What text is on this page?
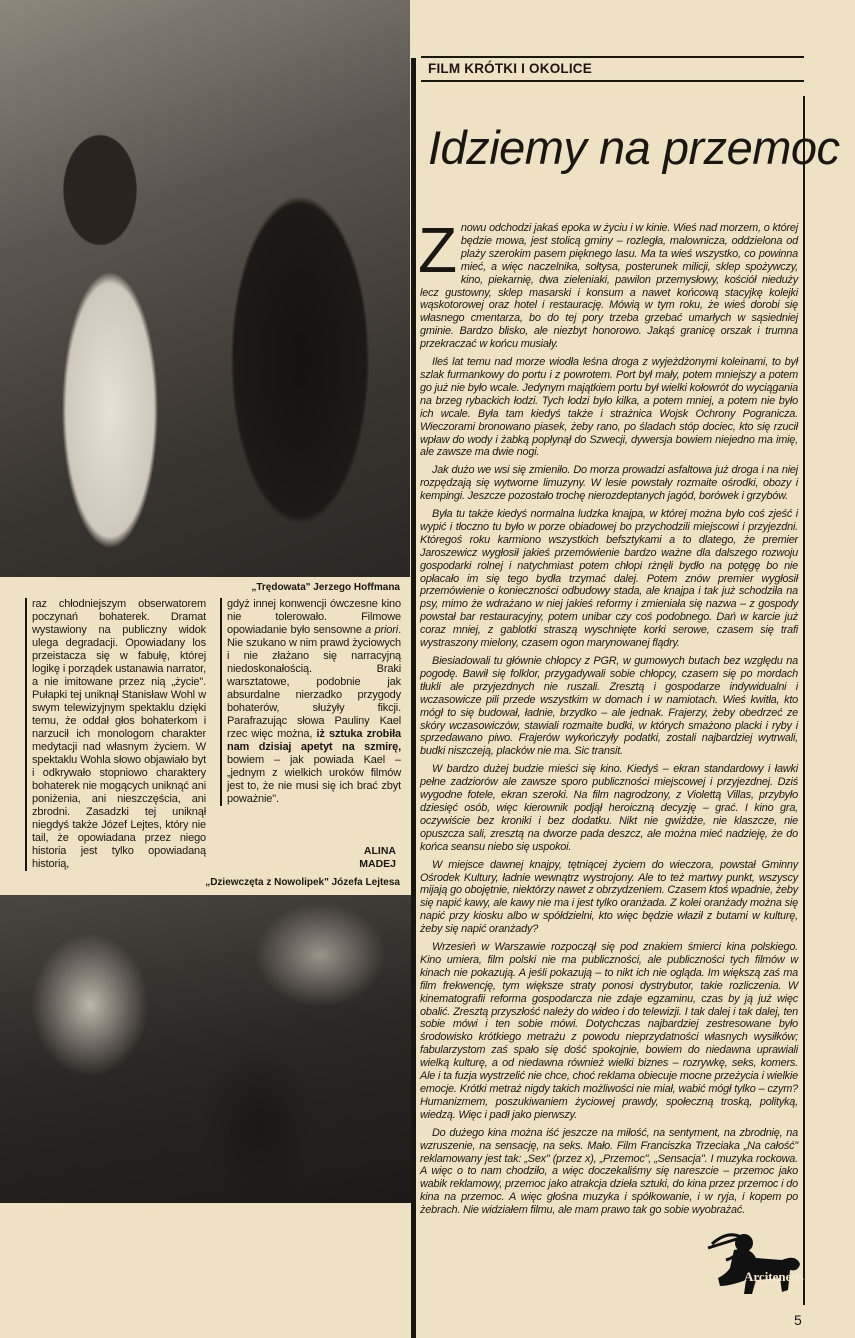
„Trędowata" Jerzego Hoffmana
raz chłodniejszym obserwatorem poczynań bohaterek. Dramat wystawiony na publiczny widok ulega degradacji. Opowiadany los przeistacza się w fabułę, której logikę i porządek ustanawia narrator, a nie imitowane przez nią „życie". Pułapki tej uniknął Stanisław Wohl w swym telewizyjnym spektaklu dzięki temu, że oddał głos bohaterkom i narzucił ich monologom charakter medytacji nad własnym życiem. W spektaklu Wohla słowo objawiało byt i odkrywało stopniowo charaktery bohaterek nie mogących uniknąć ani poniżenia, ani nieszczęścia, ani zbrodni. Zasadzki tej uniknął niegdyś także Józef Lejtes, który nie tail, że opowiadana przez niego historia jest tylko opowiadaną historią,
gdyż innej konwencji ówczesne kino nie tolerowało. Filmowe opowiadanie było sensowne a priori. Nie szukano w nim prawd życiowych i nie złażano się narracyjną niedoskonałością. Braki warsztatowe, podobnie jak absurdalne nierzadko przygody bohaterów, służyły fikcji. Parafrazując słowa Pauliny Kael rzec więc można, iż sztuka zrobiła nam dzisiaj apetyt na szmirę, bowiem – jak powiada Kael – „jednym z wielkich uroków filmów jest to, że nie musi się ich brać zbyt poważnie".
ALINA
MADEJ
„Dziewczęta z Nowolipek" Józefa Lejtesa
FILM KRÓTKI I OKOLICE
Idziemy na przemoc

Znowu odchodzi jakaś epoka w życiu i w kinie. Wieś nad morzem, o której będzie mowa, jest stolicą gminy – rozległa, malownicza, oddzielona od plaży szerokim pasem pięknego lasu. Ma ta wieś wszystko, co powinna mieć, a więc naczelnika, sołtysa, posterunek milicji, sklep spożywczy, kino, piekarnię, dwa zieleniaki, pawilon przemysłowy, kościół nieduży lecz gustowny, sklep masarski i konsum a nawet końcową stacyjkę kolejki wąskotorowej oraz hotel i restaurację. Mówią w tym roku, że wieś dorobi się własnego cmentarza, bo do tej pory trzeba grzebać umarłych w sąsiedniej gminie. Bardzo blisko, ale niezbyt honorowo. Jakąś granicę orszak i trumna przekraczać w końcu musiały.

Ileś lat temu nad morze wiodła leśna droga z wyjeżdżonymi koleinami, to był szlak furmankowy do portu i z powrotem. Port był mały, potem mniejszy a potem go już nie było wcale. Jedynym majątkiem portu był wielki kołowrót do wyciągania na brzeg rybackich łodzi. Tych łodzi było kilka, a potem mniej, a potem nie było ich wcale. Była tam kiedyś także i strażnica Wojsk Ochrony Pogranicza. Wieczorami bronowano piasek, żeby rano, po śladach stóp dociec, kto się rzucił wpław do wody i żabką popłynął do Szwecji, dywersja bowiem niejedno ma imię, ale zawsze ma dwie nogi.

Jak dużo we wsi się zmieniło. Do morza prowadzi asfaltowa już droga i na niej rozpędzają się wytworne limuzyny. W lesie powstały rozmaite ośrodki, obozy i kempingi. Jeszcze pozostało trochę nierozdeptanych jagód, borówek i grzybów.

Była tu także kiedyś normalna ludzka knajpa, w której można było coś zjeść i wypić i tłoczno tu było w porze obiadowej bo przychodzili miejscowi i przyjezdni. Któregoś roku karmiono wszystkich befsztykami a to dlatego, że premier Jaroszewicz wygłosił jakieś przemówienie bardzo ważne dla dalszego rozwoju gospodarki rolnej i natychmiast potem chłopi rżnęli bydło na potęgę bo nie opłacało im się tego bydła trzymać dalej. Potem znów premier wygłosił przemówienie o konieczności odbudowy stada, ale knajpa i tak już schodziła na psy, mimo że wdrażano w niej jakieś reformy i zmieniała się nazwa – z gospody powstał bar restauracyjny, potem unibar czy coś podobnego. Dań w karcie już coraz mniej, z gablotki straszą wyschnięte korki serowe, czasem się trafi wystraszony mielony, czasem ogon marynowanej flądry.

Biesiadowali tu głównie chłopcy z PGR, w gumowych butach bez względu na pogodę. Bawił się folklor, przygadywali sobie chłopcy, czasem się po mordach tłukli ale przyjezdnych nie ruszali. Zresztą i gospodarze indywidualni i wczasowicze pili przede wszystkim w domach i w namiotach. Wieś kwitła, kto mógł to się budował, ładnie, brzydko – ale jednak. Frajerzy, żeby obedrzeć ze skóry wczasowiczów, stawiali rozmaite budki, w których smażono placki i ryby i sprzedawano piwo. Frajerów wykończyły podatki, zostali najbardziej wytrwali, budki niszczeją, placków nie ma. Sic transit.

W bardzo dużej budzie mieści się kino. Kiedyś – ekran standardowy i ławki pełne zadziorów ale zawsze sporo publiczności miejscowej i przyjezdnej. Dziś wygodne fotele, ekran szeroki. Na film nagrodzony, z Violettą Villas, przybyło dziesięć osób, więc kierownik podjął heroiczną decyzję – grać. I kino gra, oczywiście bez kroniki i bez dodatku. Nikt nie gwiżdże, nie klaszcze, nie opuszcza sali, zresztą na dworze pada deszcz, ale można mieć nadzieję, że do końca seansu niebo się uspokoi.

W miejsce dawnej knajpy, tętniącej życiem do wieczora, powstał Gminny Ośrodek Kultury, ładnie wewnątrz wystrojony. Ale to też martwy punkt, wszyscy mijają go obojętnie, niektórzy nawet z obrzydzeniem. Czasem ktoś wpadnie, żeby się napić kawy, ale kawy nie ma i jest tylko oranżada. Z kolei oranżady można się napić przy kiosku albo w spółdzielni, kto więc będzie właził z butami w kulturę, żeby się napić oranżady?

Wrzesień w Warszawie rozpoczął się pod znakiem śmierci kina polskiego. Kino umiera, film polski nie ma publiczności, ale publiczności tych filmów w kinach nie pokazują. A jeśli pokazują – to nikt ich nie ogląda. Im większą zaś ma film frekwencję, tym większe straty ponosi dystrybutor, takie rozliczenia. W kinematografii reforma gospodarcza nie zdaje egzaminu, czas by ją już więc obalić. Zresztą przyszłość należy do wideo i do telewizji. I tak dalej i tak dalej, ten sobie mówi i ten sobie mówi. Dotychczas najbardziej zestresowane było środowisko krótkiego metrażu z powodu nieprzydatności własnych wysiłków; fabularzystom zaś spało się dość spokojnie, bowiem do niedawna uprawiali wielką kulturę, a od niedawna również wielki biznes – rozrywkę, seks, komers. Ale i ta fuzja wystrzelić nie chce, choć reklama obiecuje mocne przeżycia i wielkie emocje. Krótki metraż nigdy takich możliwości nie miał, wabić mógł tylko – czym? Humanizmem, poszukiwaniem życiowej prawdy, społeczną troską, polityką, wiedzą. Więc i padł jako pierwszy.

Do dużego kina można iść jeszcze na miłość, na sentyment, na zbrodnię, na wzruszenie, na sensację, na seks. Mało. Film Franciszka Trzeciaka „Na całość" reklamowany jest tak: „Sex" (przez x), „Przemoc", „Sensacja". I muzyka rockowa. A więc o to nam chodziło, a więc doczekaliśmy się nareszcie – przemoc jako wabik reklamowy, przemoc jako atrakcja dzieła sztuki, do kina przez przemoc i do kina na przemoc. A więc głośna muzyka i spółkowanie, i w ryja, i kopem po żebrach. Nie widziałem filmu, ale mam prawo tak go sobie wyobrażać.

Arcitenens
5
